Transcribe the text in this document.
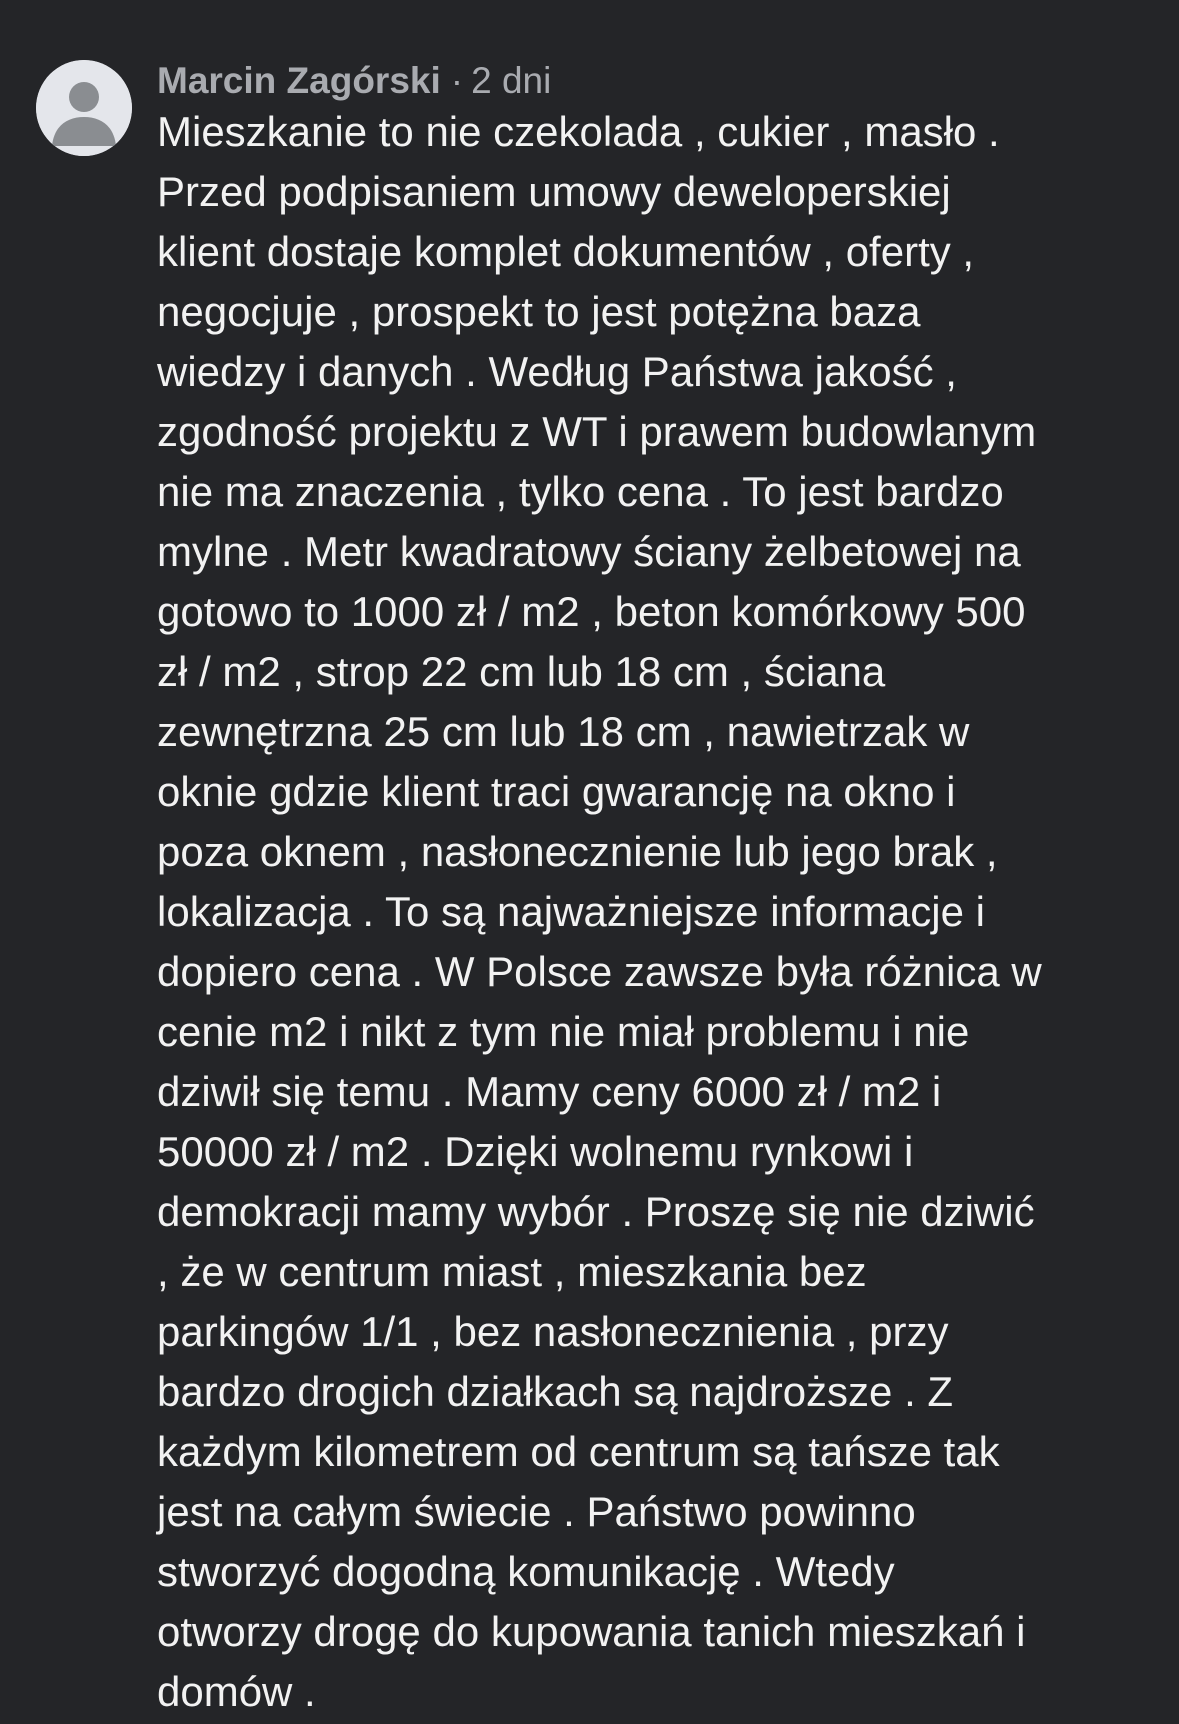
Marcin Zagórski · 2 dni
Mieszkanie to nie czekolada , cukier , masło .
Przed podpisaniem umowy deweloperskiej
klient dostaje komplet dokumentów , oferty ,
negocjuje , prospekt to jest potężna baza
wiedzy i danych . Według Państwa jakość ,
zgodność projektu z WT i prawem budowlanym
nie ma znaczenia , tylko cena . To jest bardzo
mylne . Metr kwadratowy ściany żelbetowej na
gotowo to 1000 zł / m2 , beton komórkowy 500
zł / m2 , strop 22 cm lub 18 cm , ściana
zewnętrzna 25 cm lub 18 cm , nawietrzak w
oknie gdzie klient traci gwarancję na okno i
poza oknem , nasłonecznienie lub jego brak ,
lokalizacja . To są najważniejsze informacje i
dopiero cena . W Polsce zawsze była różnica w
cenie m2 i nikt z tym nie miał problemu i nie
dziwił się temu . Mamy ceny 6000 zł / m2 i
50000 zł / m2 . Dzięki wolnemu rynkowi i
demokracji mamy wybór . Proszę się nie dziwić
, że w centrum miast , mieszkania bez
parkingów 1/1 , bez nasłonecznienia , przy
bardzo drogich działkach są najdroższe . Z
każdym kilometrem od centrum są tańsze tak
jest na całym świecie . Państwo powinno
stworzyć dogodną komunikację . Wtedy
otworzy drogę do kupowania tanich mieszkań i
domów .
